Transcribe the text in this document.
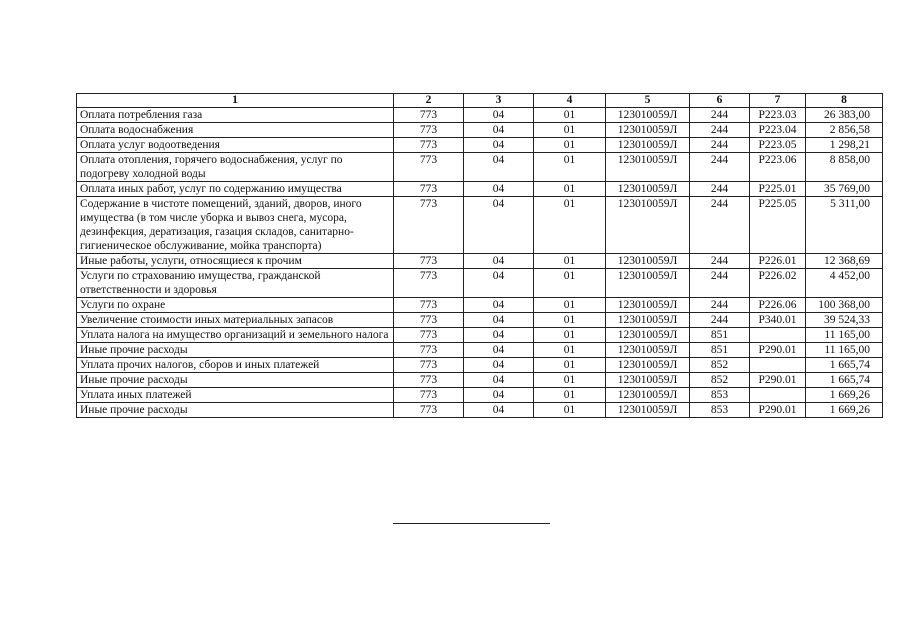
1	2	3	4	5	6	7	8
Оплата потребления газа	773	04	01	123010059Л	244	Р223.03	26 383,00
Оплата водоснабжения	773	04	01	123010059Л	244	Р223.04	2 856,58
Оплата услуг водоотведения	773	04	01	123010059Л	244	Р223.05	1 298,21
Оплата отопления, горячего водоснабжения, услуг по подогреву холодной воды	773	04	01	123010059Л	244	Р223.06	8 858,00
Оплата иных работ, услуг по содержанию имущества	773	04	01	123010059Л	244	Р225.01	35 769,00
Содержание в чистоте помещений, зданий, дворов, иного имущества (в том числе уборка и вывоз снега, мусора, дезинфекция, дератизация, газация складов, санитарно-гигиеническое обслуживание, мойка транспорта)	773	04	01	123010059Л	244	Р225.05	5 311,00
Иные работы, услуги, относящиеся к прочим	773	04	01	123010059Л	244	Р226.01	12 368,69
Услуги по страхованию имущества, гражданской ответственности и здоровья	773	04	01	123010059Л	244	Р226.02	4 452,00
Услуги по охране	773	04	01	123010059Л	244	Р226.06	100 368,00
Увеличение стоимости иных материальных запасов	773	04	01	123010059Л	244	Р340.01	39 524,33
Уплата налога на имущество организаций и земельного налога	773	04	01	123010059Л	851		11 165,00
Иные прочие расходы	773	04	01	123010059Л	851	Р290.01	11 165,00
Уплата прочих налогов, сборов и иных платежей	773	04	01	123010059Л	852		1 665,74
Иные прочие расходы	773	04	01	123010059Л	852	Р290.01	1 665,74
Уплата иных платежей	773	04	01	123010059Л	853		1 669,26
Иные прочие расходы	773	04	01	123010059Л	853	Р290.01	1 669,26
